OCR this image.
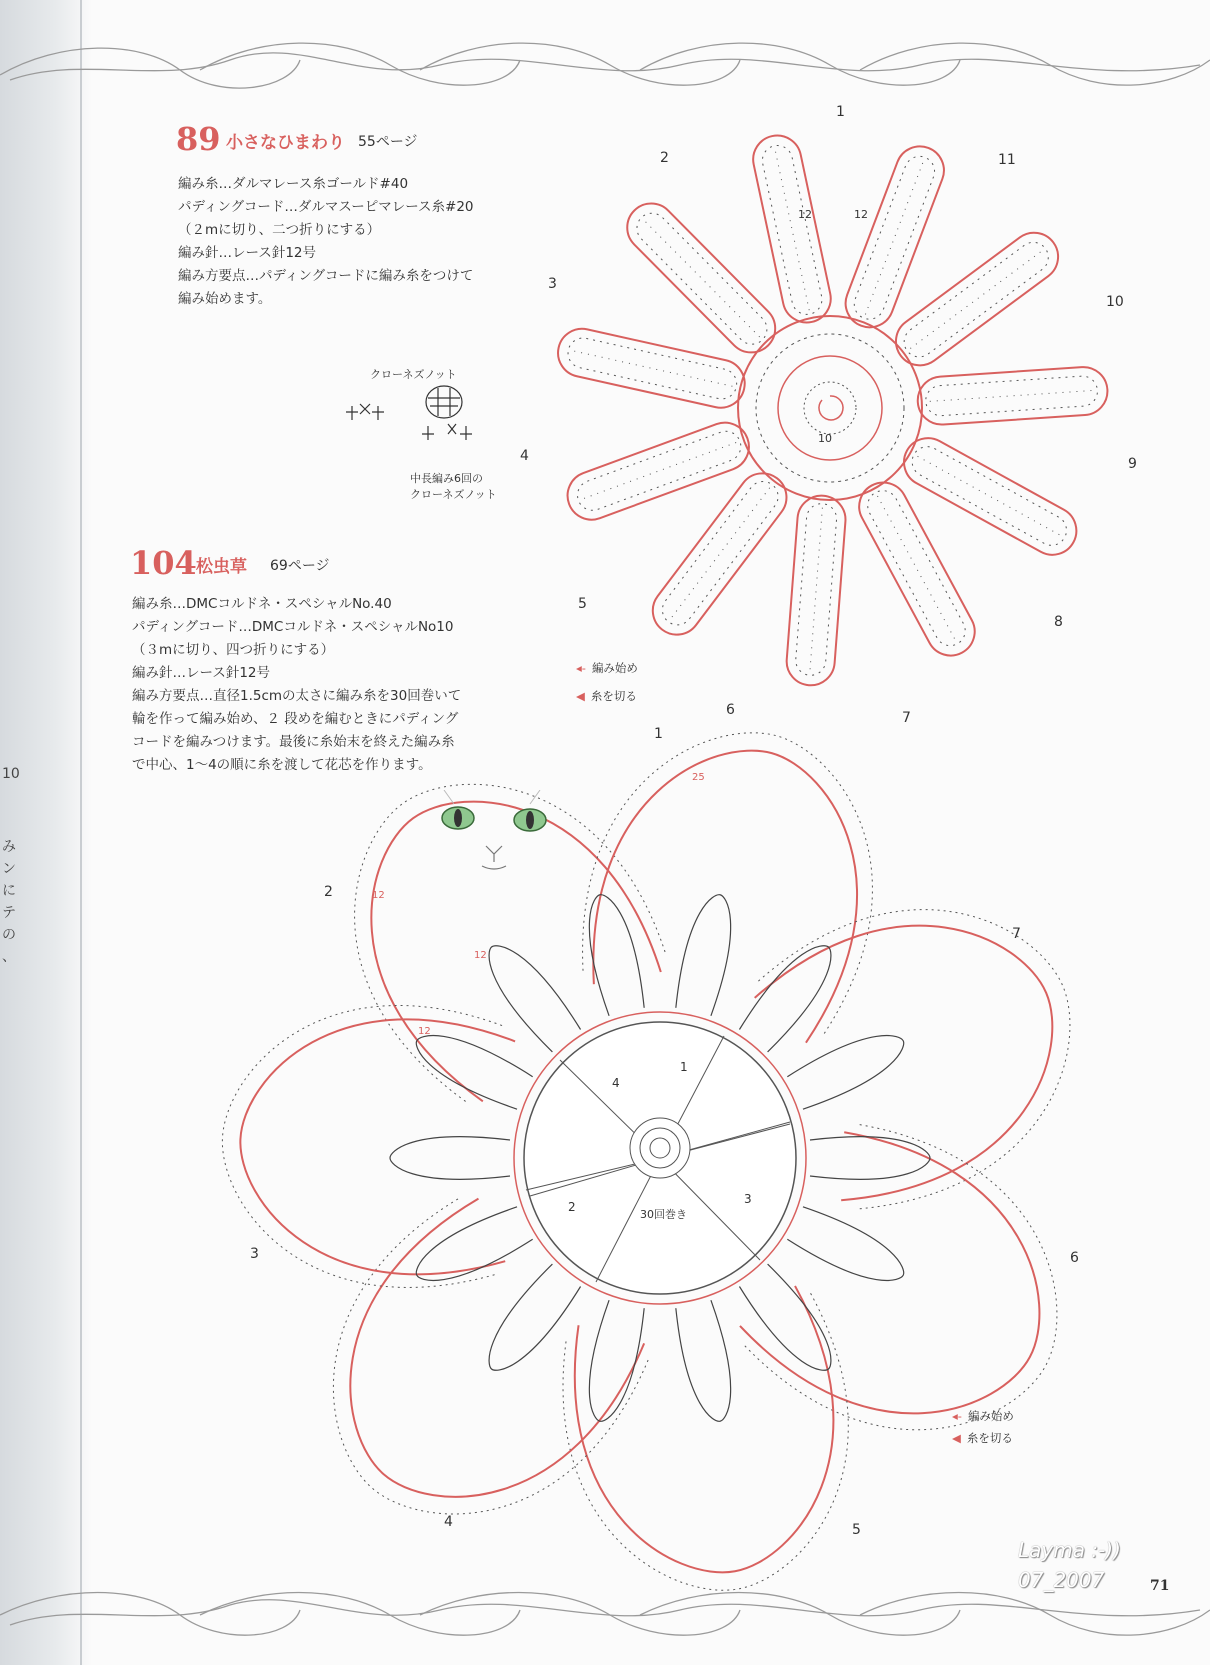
10
み
ン
に
テ
の
、
89 小さなひまわり 55ページ
編み糸…ダルマレース糸ゴールド#40
パディングコード…ダルマスーピマレース糸#20
（２mに切り、二つ折りにする）
編み針…レース針12号
編み方要点…パディングコードに編み糸をつけて
編み始めます。
クローネズノット
中長編み6回の
クローネズノット
104 松虫草 69ページ
編み糸…DMCコルドネ・スペシャルNo.40
パディングコード…DMCコルドネ・スペシャルNo10
（３mに切り、四つ折りにする）
編み針…レース針12号
編み方要点…直径1.5cmの太さに編み糸を30回巻いて
輪を作って編み始め、２ 段めを編むときにパディング
コードを編みつけます。最後に糸始末を終えた編み糸
で中心、1〜4の順に糸を渡して花芯を作ります。
10
12	12
1
2
3
4
5
6	7
8
9
10
11
◂- 編み始め
◀ 糸を切る
1
2
3
4
30回巻き
12
12
12
25
1
2
3
4	5
6
7
◂- 編み始め
◀ 糸を切る
Layma :-))
07_2007	71
